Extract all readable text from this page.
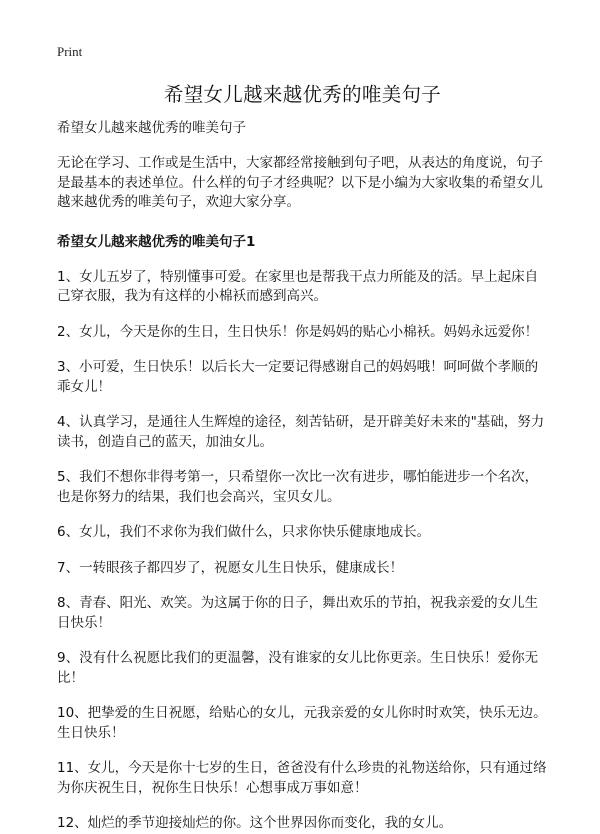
Print

希望女儿越来越优秀的唯美句子

希望女儿越来越优秀的唯美句子

无论在学习、工作或是生活中，大家都经常接触到句子吧，从表达的角度说，句子是最基本的表述单位。什么样的句子才经典呢？以下是小编为大家收集的希望女儿越来越优秀的唯美句子，欢迎大家分享。

希望女儿越来越优秀的唯美句子1

1、女儿五岁了，特别懂事可爱。在家里也是帮我干点力所能及的活。早上起床自己穿衣服，我为有这样的小棉袄而感到高兴。

2、女儿，今天是你的生日，生日快乐！你是妈妈的贴心小棉袄。妈妈永远爱你！

3、小可爱，生日快乐！以后长大一定要记得感谢自己的妈妈哦！呵呵做个孝顺的乖女儿！

4、认真学习，是通往人生辉煌的途径，刻苦钻研，是开辟美好未来的"基础，努力读书，创造自己的蓝天，加油女儿。

5、我们不想你非得考第一，只希望你一次比一次有进步，哪怕能进步一个名次，也是你努力的结果，我们也会高兴，宝贝女儿。

6、女儿，我们不求你为我们做什么，只求你快乐健康地成长。

7、一转眼孩子都四岁了，祝愿女儿生日快乐，健康成长！

8、青春、阳光、欢笑。为这属于你的日子，舞出欢乐的节拍，祝我亲爱的女儿生日快乐！

9、没有什么祝愿比我们的更温馨，没有谁家的女儿比你更亲。生日快乐！爱你无比！

10、把挚爱的生日祝愿，给贴心的女儿，元我亲爱的女儿你时时欢笑，快乐无边。生日快乐！

11、女儿，今天是你十七岁的生日，爸爸没有什么珍贵的礼物送给你，只有通过络为你庆祝生日，祝你生日快乐！心想事成万事如意！

12、灿烂的季节迎接灿烂的你。这个世界因你而变化，我的女儿。
